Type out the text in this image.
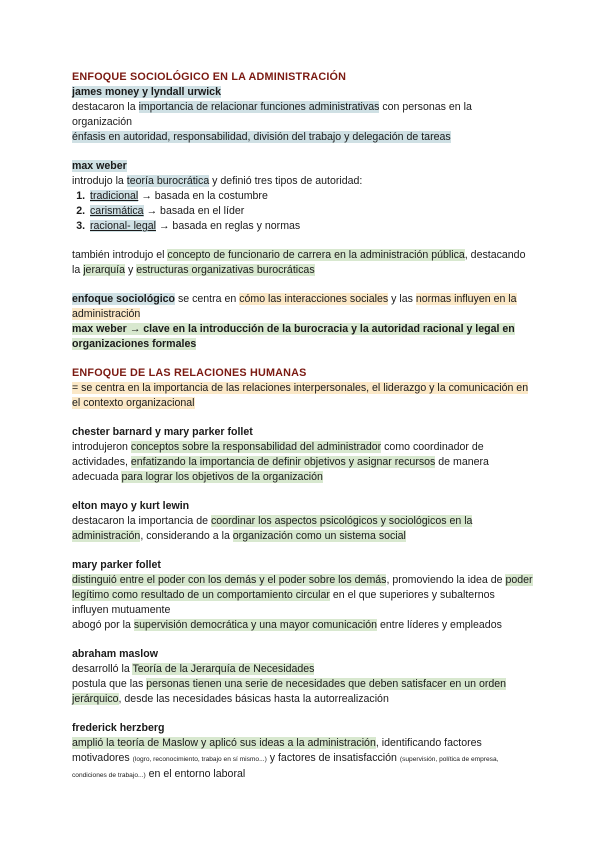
ENFOQUE SOCIOLÓGICO EN LA ADMINISTRACIÓN

james money y lyndall urwick

destacaron la importancia de relacionar funciones administrativas con personas en la organización

énfasis en autoridad, responsabilidad, división del trabajo y delegación de tareas

max weber

introdujo la teoría burocrática y definió tres tipos de autoridad:

1. tradicional → basada en la costumbre
2. carismática → basada en el líder
3. racional- legal → basada en reglas y normas

también introdujo el concepto de funcionario de carrera en la administración pública, destacando la jerarquía y estructuras organizativas burocráticas

enfoque sociológico se centra en cómo las interacciones sociales y las normas influyen en la administración

max weber → clave en la introducción de la burocracia y la autoridad racional y legal en organizaciones formales

ENFOQUE DE LAS RELACIONES HUMANAS

= se centra en la importancia de las relaciones interpersonales, el liderazgo y la comunicación en el contexto organizacional

chester barnard y mary parker follet

introdujeron conceptos sobre la responsabilidad del administrador como coordinador de actividades, enfatizando la importancia de definir objetivos y asignar recursos de manera adecuada para lograr los objetivos de la organización

elton mayo y kurt lewin

destacaron la importancia de coordinar los aspectos psicológicos y sociológicos en la administración, considerando a la organización como un sistema social

mary parker follet

distinguió entre el poder con los demás y el poder sobre los demás, promoviendo la idea de poder legítimo como resultado de un comportamiento circular en el que superiores y subalternos influyen mutuamente

abogó por la supervisión democrática y una mayor comunicación entre líderes y empleados

abraham maslow

desarrolló la Teoría de la Jerarquía de Necesidades

postula que las personas tienen una serie de necesidades que deben satisfacer en un orden jerárquico, desde las necesidades básicas hasta la autorrealización

frederick herzberg

amplió la teoría de Maslow y aplicó sus ideas a la administración, identificando factores motivadores (logro, reconocimiento, trabajo en sí mismo...) y factores de insatisfacción (supervisión, política de empresa, condiciones de trabajo...) en el entorno laboral
